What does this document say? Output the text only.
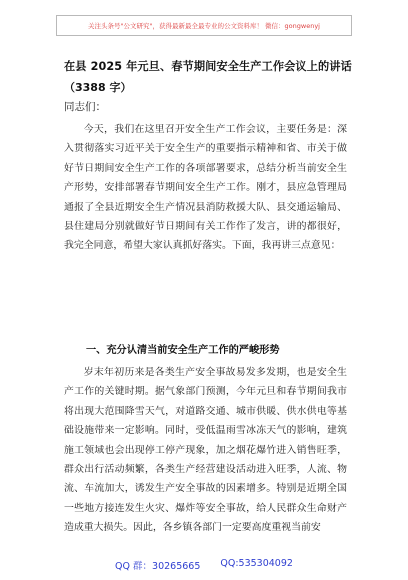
关注头条号"公文研究"，获得最新最全最专业的公文资料库！ 微信：gongwenyj
在县 2025 年元旦、春节期间安全生产工作会议上的讲话
（3388 字）
同志们：

今天，我们在这里召开安全生产工作会议，主要任务是：深入贯彻落实习近平关于安全生产的重要指示精神和省、市关于做好节日期间安全生产工作的各项部署要求，总结分析当前安全生产形势，安排部署春节期间安全生产工作。刚才，县应急管理局通报了全县近期安全生产情况县消防救援大队、县交通运输局、县住建局分别就做好节日期间有关工作作了发言，讲的都很好，我完全同意，希望大家认真抓好落实。下面，我再讲三点意见：

一、充分认清当前安全生产工作的严峻形势

岁末年初历来是各类生产安全事故易发多发期，也是安全生产工作的关键时期。据气象部门预测，今年元旦和春节期间我市将出现大范围降雪天气，对道路交通、城市供暖、供水供电等基础设施带来一定影响。同时，受低温雨雪冰冻天气的影响，建筑施工领域也会出现停工停产现象，加之烟花爆竹进入销售旺季，群众出行活动频繁，各类生产经营建设活动进入旺季，人流、物流、车流加大，诱发生产安全事故的因素增多。特别是近期全国一些地方接连发生火灾、爆炸等安全事故，给人民群众生命财产造成重大损失。因此，各乡镇各部门一定要高度重视当前安

QQ 群：30265665 QQ:535304092
